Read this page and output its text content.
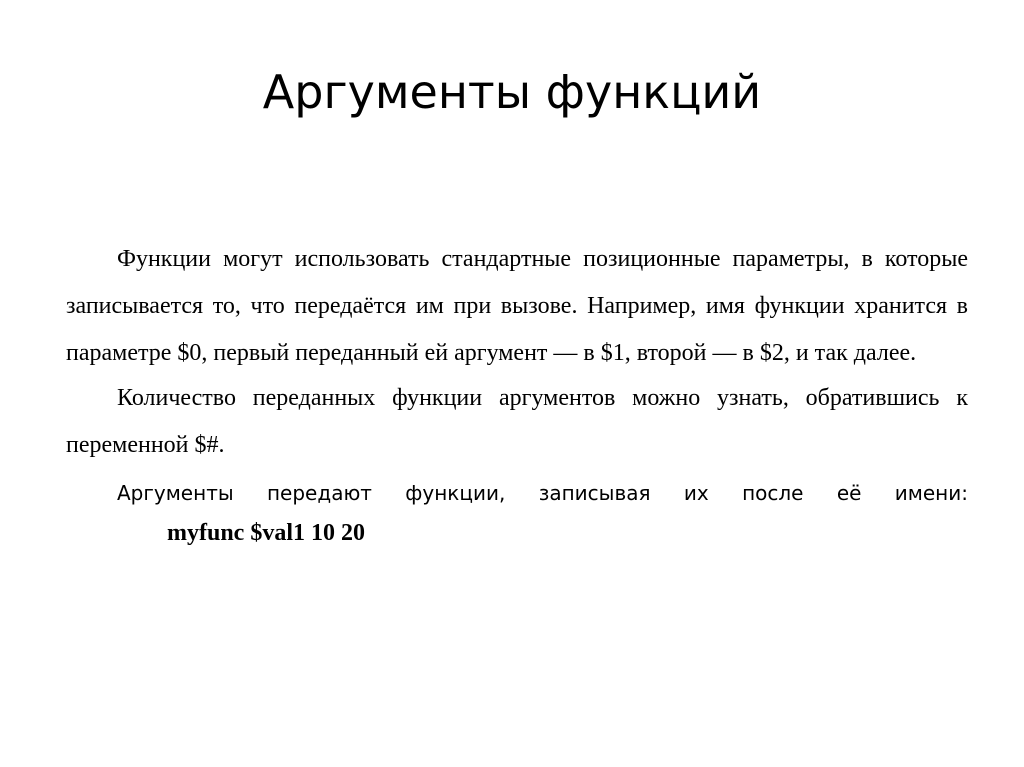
Аргументы функций

Функции могут использовать стандартные позиционные параметры, в которые записывается то, что передаётся им при вызове. Например, имя функции хранится в параметре $0, первый переданный ей аргумент — в $1, второй — в $2, и так далее.

Количество переданных функции аргументов можно узнать, обратившись к переменной $#.

Аргументы передают функции, записывая их после её имени:

myfunc $val1 10 20
